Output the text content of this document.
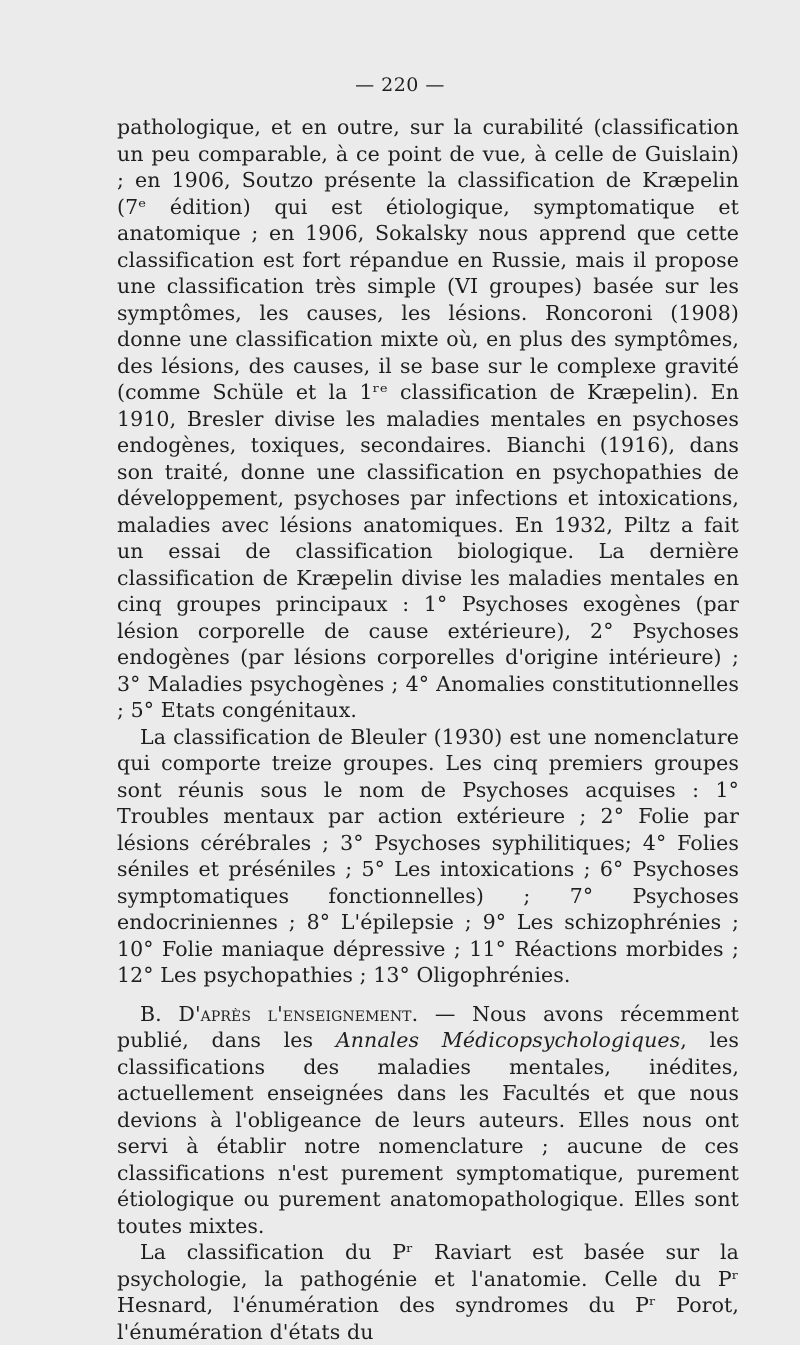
— 220 —

pathologique, et en outre, sur la curabilité (classification un peu comparable, à ce point de vue, à celle de Guislain) ; en 1906, Soutzo présente la classification de Kræpelin (7ᵉ édition) qui est étiologique, symptomatique et anatomique ; en 1906, Sokalsky nous apprend que cette classification est fort répandue en Russie, mais il propose une classification très simple (VI groupes) basée sur les symptômes, les causes, les lésions. Roncoroni (1908) donne une classification mixte où, en plus des symptômes, des lésions, des causes, il se base sur le complexe gravité (comme Schüle et la 1ʳᵉ classification de Kræpelin). En 1910, Bresler divise les maladies mentales en psychoses endogènes, toxiques, secondaires. Bianchi (1916), dans son traité, donne une classification en psychopathies de développement, psychoses par infections et intoxications, maladies avec lésions anatomiques. En 1932, Piltz a fait un essai de classification biologique. La dernière classification de Kræpelin divise les maladies mentales en cinq groupes principaux : 1° Psychoses exogènes (par lésion corporelle de cause extérieure), 2° Psychoses endogènes (par lésions corporelles d'origine intérieure) ; 3° Maladies psychogènes ; 4° Anomalies constitutionnelles ; 5° Etats congénitaux.

La classification de Bleuler (1930) est une nomenclature qui comporte treize groupes. Les cinq premiers groupes sont réunis sous le nom de Psychoses acquises : 1° Troubles mentaux par action extérieure ; 2° Folie par lésions cérébrales ; 3° Psychoses syphilitiques; 4° Folies séniles et préséniles ; 5° Les intoxications ; 6° Psychoses symptomatiques fonctionnelles) ; 7° Psychoses endocriniennes ; 8° L'épilepsie ; 9° Les schizophrénies ; 10° Folie maniaque dépressive ; 11° Réactions morbides ; 12° Les psychopathies ; 13° Oligophrénies.

B. D'après l'enseignement. — Nous avons récemment publié, dans les Annales Médicopsychologiques, les classifications des maladies mentales, inédites, actuellement enseignées dans les Facultés et que nous devions à l'obligeance de leurs auteurs. Elles nous ont servi à établir notre nomenclature ; aucune de ces classifications n'est purement symptomatique, purement étiologique ou purement anatomopathologique. Elles sont toutes mixtes.

La classification du Pʳ Raviart est basée sur la psychologie, la pathogénie et l'anatomie. Celle du Pʳ Hesnard, l'énumération des syndromes du Pʳ Porot, l'énumération d'états du
